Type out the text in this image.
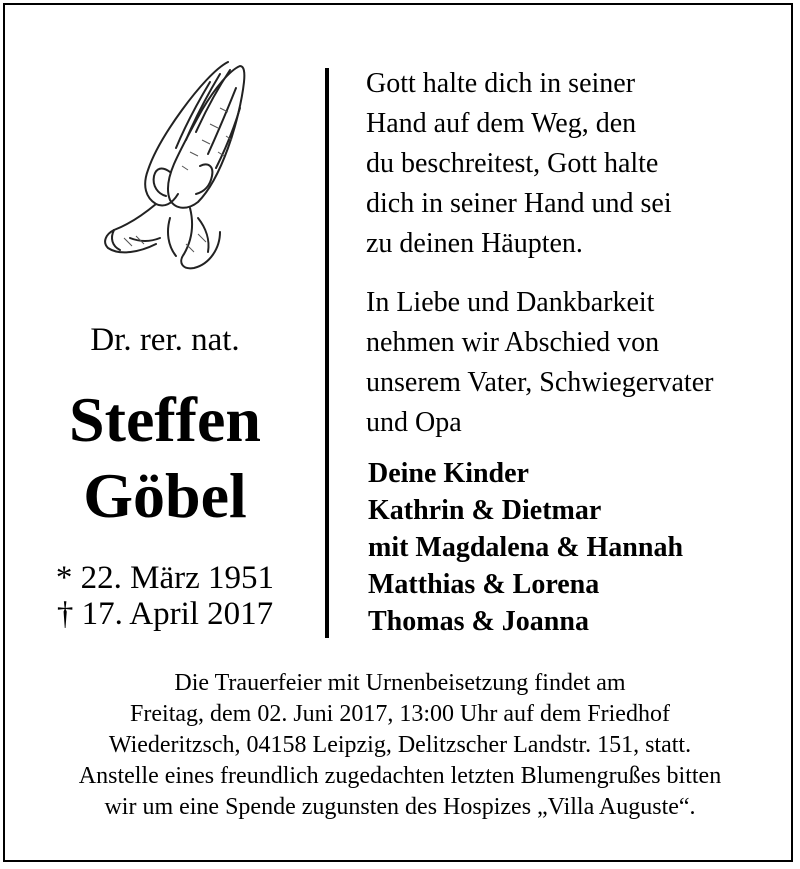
Dr. rer. nat.
Steffen
Göbel
* 22. März 1951
† 17. April 2017
Gott halte dich in seiner
Hand auf dem Weg, den
du beschreitest, Gott halte
dich in seiner Hand und sei
zu deinen Häupten.
In Liebe und Dankbarkeit
nehmen wir Abschied von
unserem Vater, Schwiegervater
und Opa
Deine Kinder
Kathrin & Dietmar
mit Magdalena & Hannah
Matthias & Lorena
Thomas & Joanna
Die Trauerfeier mit Urnenbeisetzung findet am
Freitag, dem 02. Juni 2017, 13:00 Uhr auf dem Friedhof
Wiederitzsch, 04158 Leipzig, Delitzscher Landstr. 151, statt.
Anstelle eines freundlich zugedachten letzten Blumengrußes bitten
wir um eine Spende zugunsten des Hospizes „Villa Auguste“.
